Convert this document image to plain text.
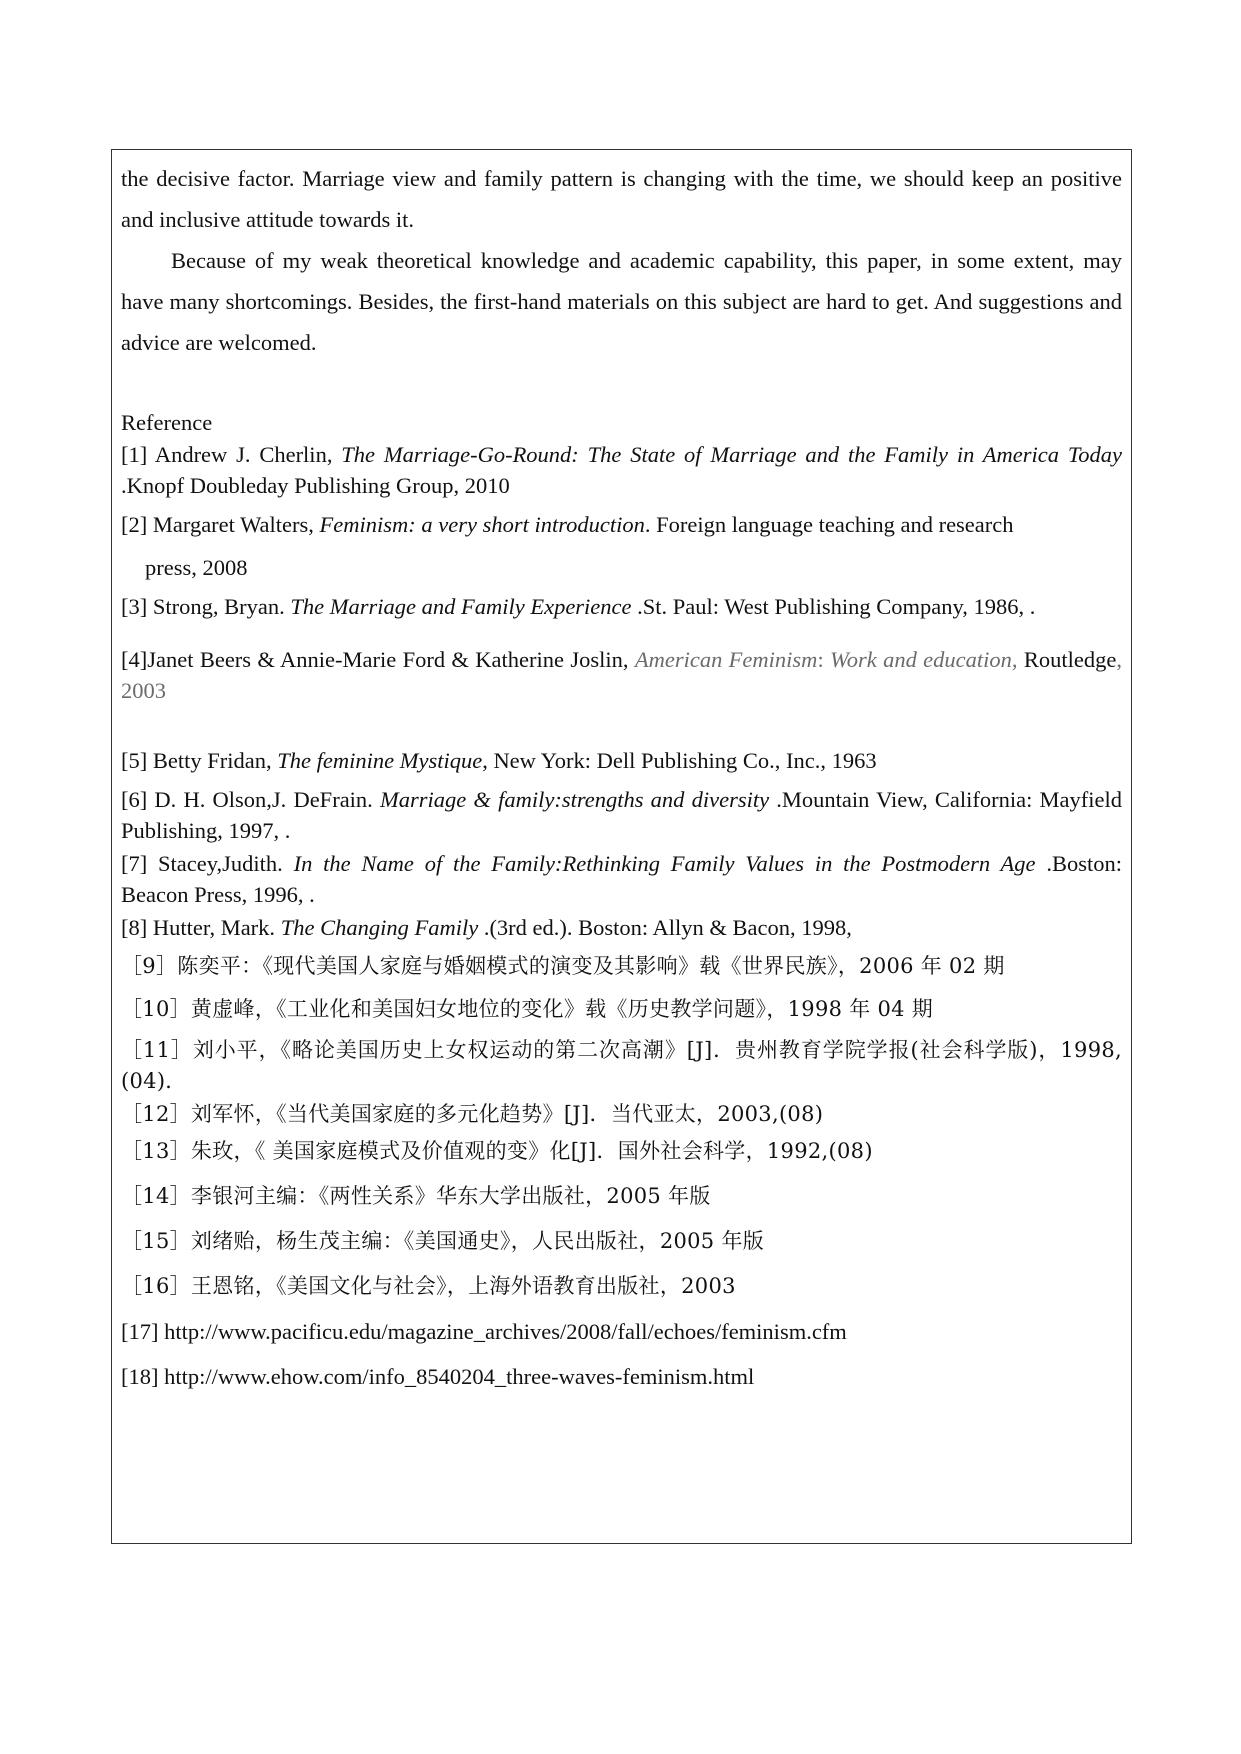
the decisive factor. Marriage view and family pattern is changing with the time, we should keep an positive and inclusive attitude towards it.

Because of my weak theoretical knowledge and academic capability, this paper, in some extent, may have many shortcomings. Besides, the first-hand materials on this subject are hard to get. And suggestions and advice are welcomed.

Reference

[1] Andrew J. Cherlin, The Marriage-Go-Round: The State of Marriage and the Family in America Today .Knopf Doubleday Publishing Group, 2010

[2] Margaret Walters, Feminism: a very short introduction. Foreign language teaching and research

press, 2008

[3] Strong, Bryan. The Marriage and Family Experience .St. Paul: West Publishing Company, 1986, .

[4]Janet Beers & Annie-Marie Ford & Katherine Joslin, American Feminism: Work and education, Routledge, 2003

[5] Betty Fridan, The feminine Mystique, New York: Dell Publishing Co., Inc., 1963

[6] D. H. Olson,J. DeFrain. Marriage & family:strengths and diversity .Mountain View, California: Mayfield Publishing, 1997, .

[7] Stacey,Judith. In the Name of the Family:Rethinking Family Values in the Postmodern Age .Boston: Beacon Press, 1996, .

[8] Hutter, Mark. The Changing Family .(3rd ed.). Boston: Allyn & Bacon, 1998,

［9］陈奕平：《现代美国人家庭与婚姻模式的演变及其影响》载《世界民族》，2006 年 02 期

［10］黄虚峰，《工业化和美国妇女地位的变化》载《历史教学问题》，1998 年 04 期

［11］刘小平，《略论美国历史上女权运动的第二次高潮》[J]．贵州教育学院学报(社会科学版)，1998,(04)．

［12］刘军怀，《当代美国家庭的多元化趋势》[J]．当代亚太，2003,(08)

［13］朱玫，《 美国家庭模式及价值观的变》化[J]．国外社会科学，1992,(08)

［14］李银河主编：《两性关系》华东大学出版社，2005 年版

［15］刘绪贻，杨生茂主编：《美国通史》，人民出版社，2005 年版

［16］王恩铭，《美国文化与社会》，上海外语教育出版社，2003

[17] http://www.pacificu.edu/magazine_archives/2008/fall/echoes/feminism.cfm

[18] http://www.ehow.com/info_8540204_three-waves-feminism.html
